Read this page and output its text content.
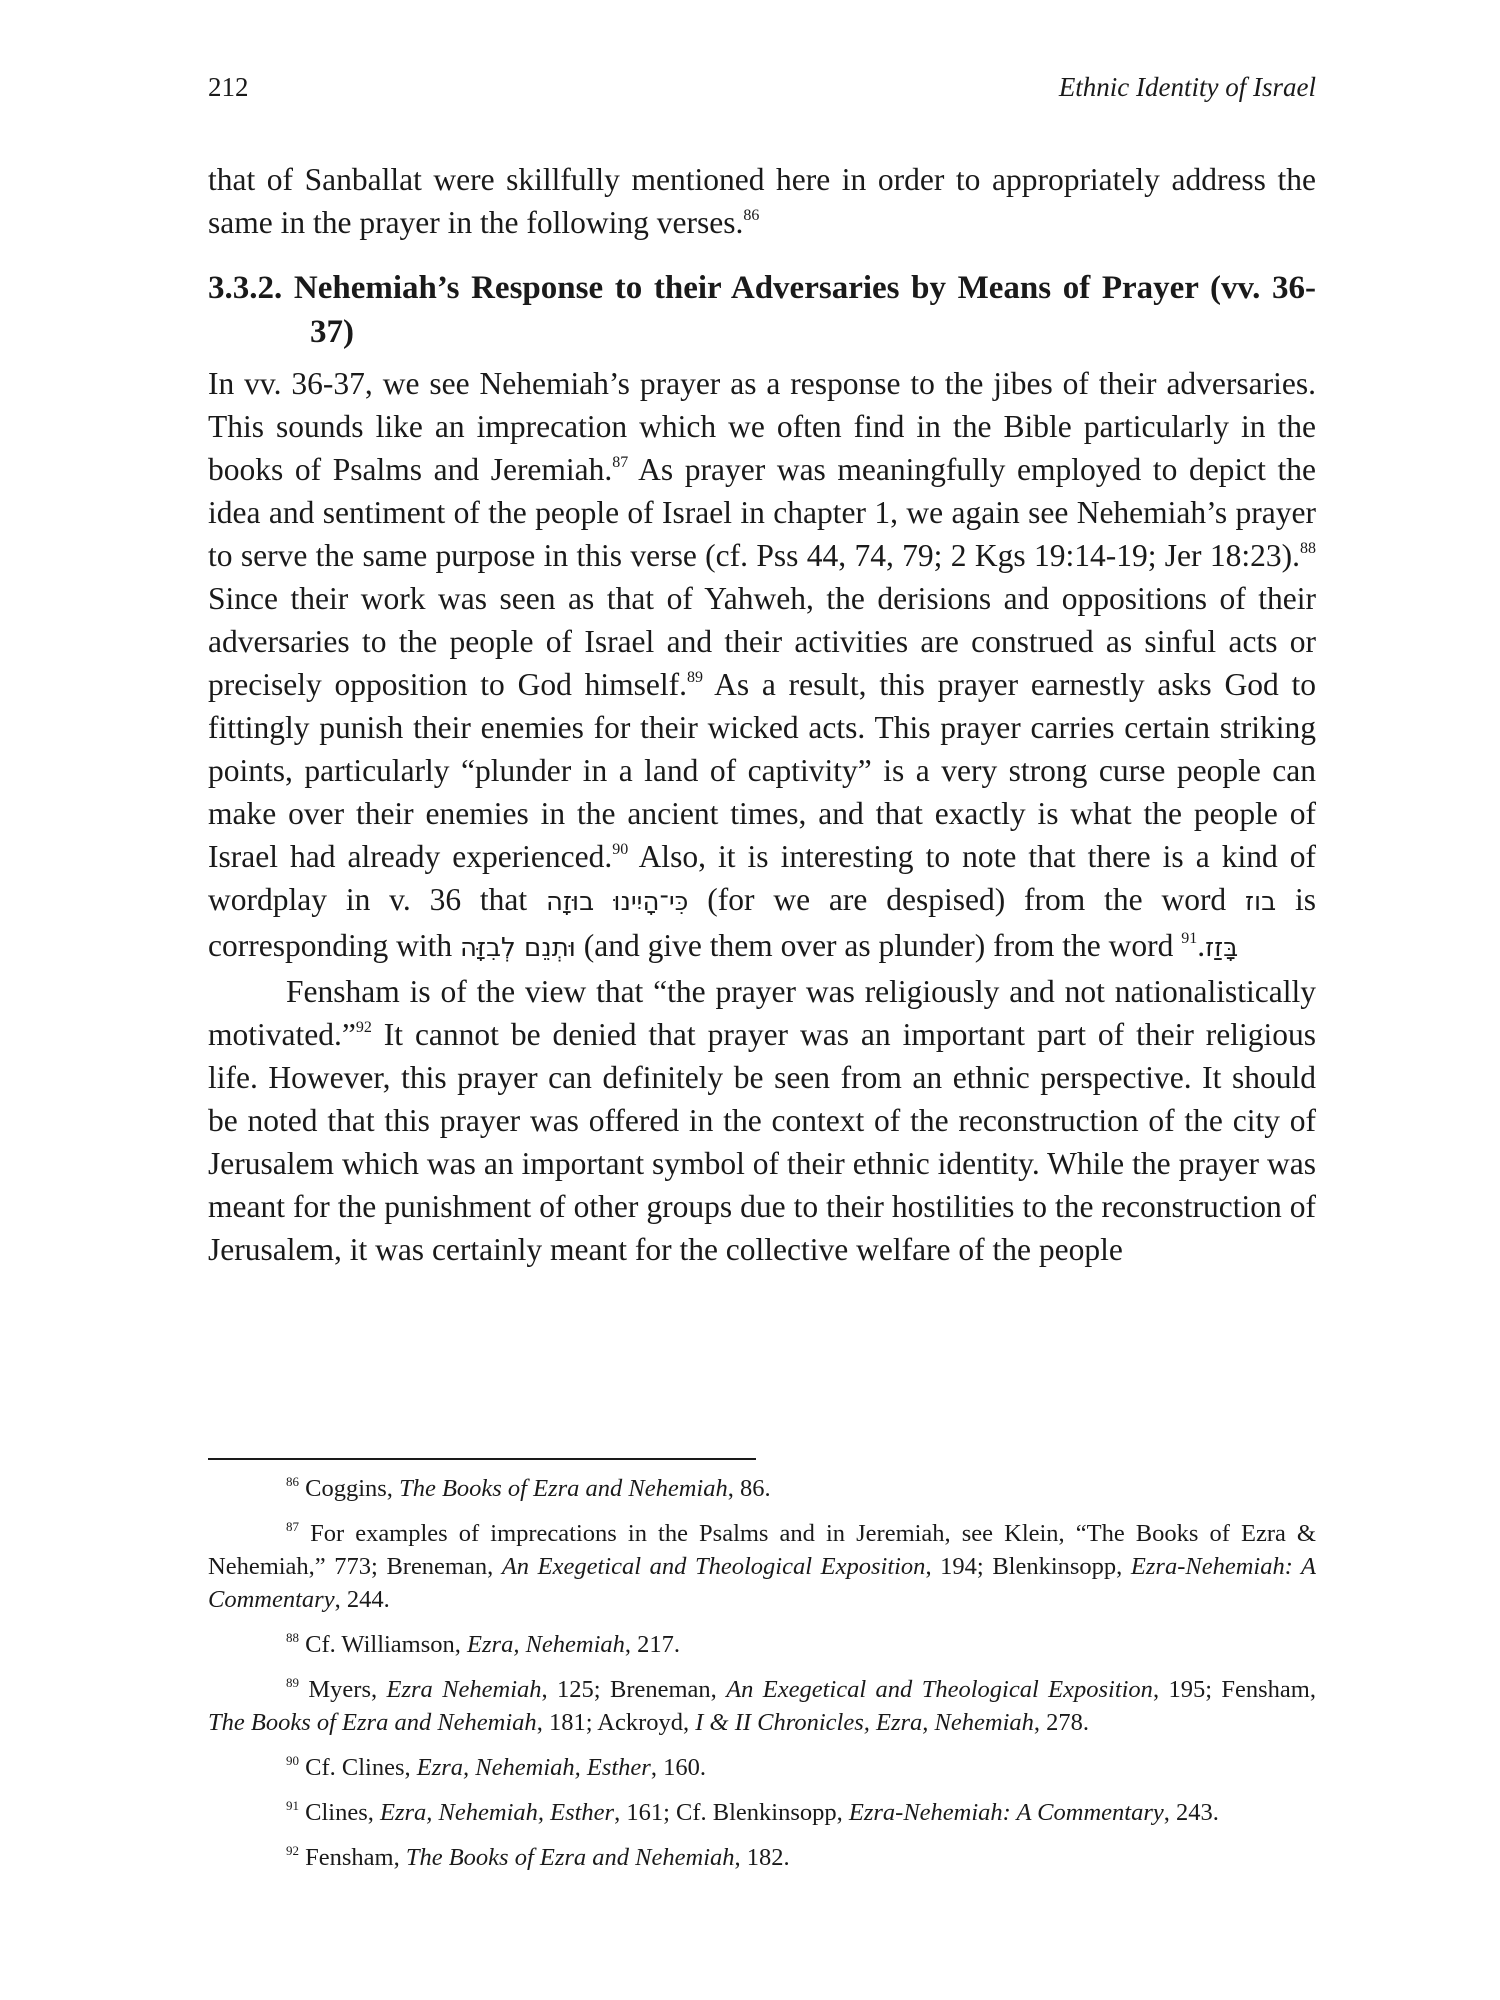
212	Ethnic Identity of Israel

that of Sanballat were skillfully mentioned here in order to appropriately address the same in the prayer in the following verses.$^{86}$

3.3.2. Nehemiah’s Response to their Adversaries by Means of Prayer (vv. 36-37)

In vv. 36-37, we see Nehemiah’s prayer as a response to the jibes of their adversaries. This sounds like an imprecation which we often find in the Bible particularly in the books of Psalms and Jeremiah.$^{87}$ As prayer was meaningfully employed to depict the idea and sentiment of the people of Israel in chapter 1, we again see Nehemiah’s prayer to serve the same purpose in this verse (cf. Pss 44, 74, 79; 2 Kgs 19:14-19; Jer 18:23).$^{88}$ Since their work was seen as that of Yahweh, the derisions and oppositions of their adversaries to the people of Israel and their activities are construed as sinful acts or precisely opposition to God himself.$^{89}$ As a result, this prayer earnestly asks God to fittingly punish their enemies for their wicked acts. This prayer carries certain striking points, particularly “plunder in a land of captivity” is a very strong curse people can make over their enemies in the ancient times, and that exactly is what the people of Israel had already experienced.$^{90}$ Also, it is interesting to note that there is a kind of wordplay in v. 36 that כִּי־הָיִינוּ בוּזָה (for we are despised) from the word בוז is corresponding with וּתְנֵם לְבִזָּה (and give them over as plunder) from the word בָּזַז.$^{91}$

Fensham is of the view that “the prayer was religiously and not nationalistically motivated.”$^{92}$ It cannot be denied that prayer was an important part of their religious life. However, this prayer can definitely be seen from an ethnic perspective. It should be noted that this prayer was offered in the context of the reconstruction of the city of Jerusalem which was an important symbol of their ethnic identity. While the prayer was meant for the punishment of other groups due to their hostilities to the reconstruction of Jerusalem, it was certainly meant for the collective welfare of the people

$^{86}$ Coggins, The Books of Ezra and Nehemiah, 86.

$^{87}$ For examples of imprecations in the Psalms and in Jeremiah, see Klein, “The Books of Ezra & Nehemiah,” 773; Breneman, An Exegetical and Theological Exposition, 194; Blenkinsopp, Ezra-Nehemiah: A Commentary, 244.

$^{88}$ Cf. Williamson, Ezra, Nehemiah, 217.

$^{89}$ Myers, Ezra Nehemiah, 125; Breneman, An Exegetical and Theological Exposition, 195; Fensham, The Books of Ezra and Nehemiah, 181; Ackroyd, I & II Chronicles, Ezra, Nehemiah, 278.

$^{90}$ Cf. Clines, Ezra, Nehemiah, Esther, 160.

$^{91}$ Clines, Ezra, Nehemiah, Esther, 161; Cf. Blenkinsopp, Ezra-Nehemiah: A Commentary, 243.

$^{92}$ Fensham, The Books of Ezra and Nehemiah, 182.
